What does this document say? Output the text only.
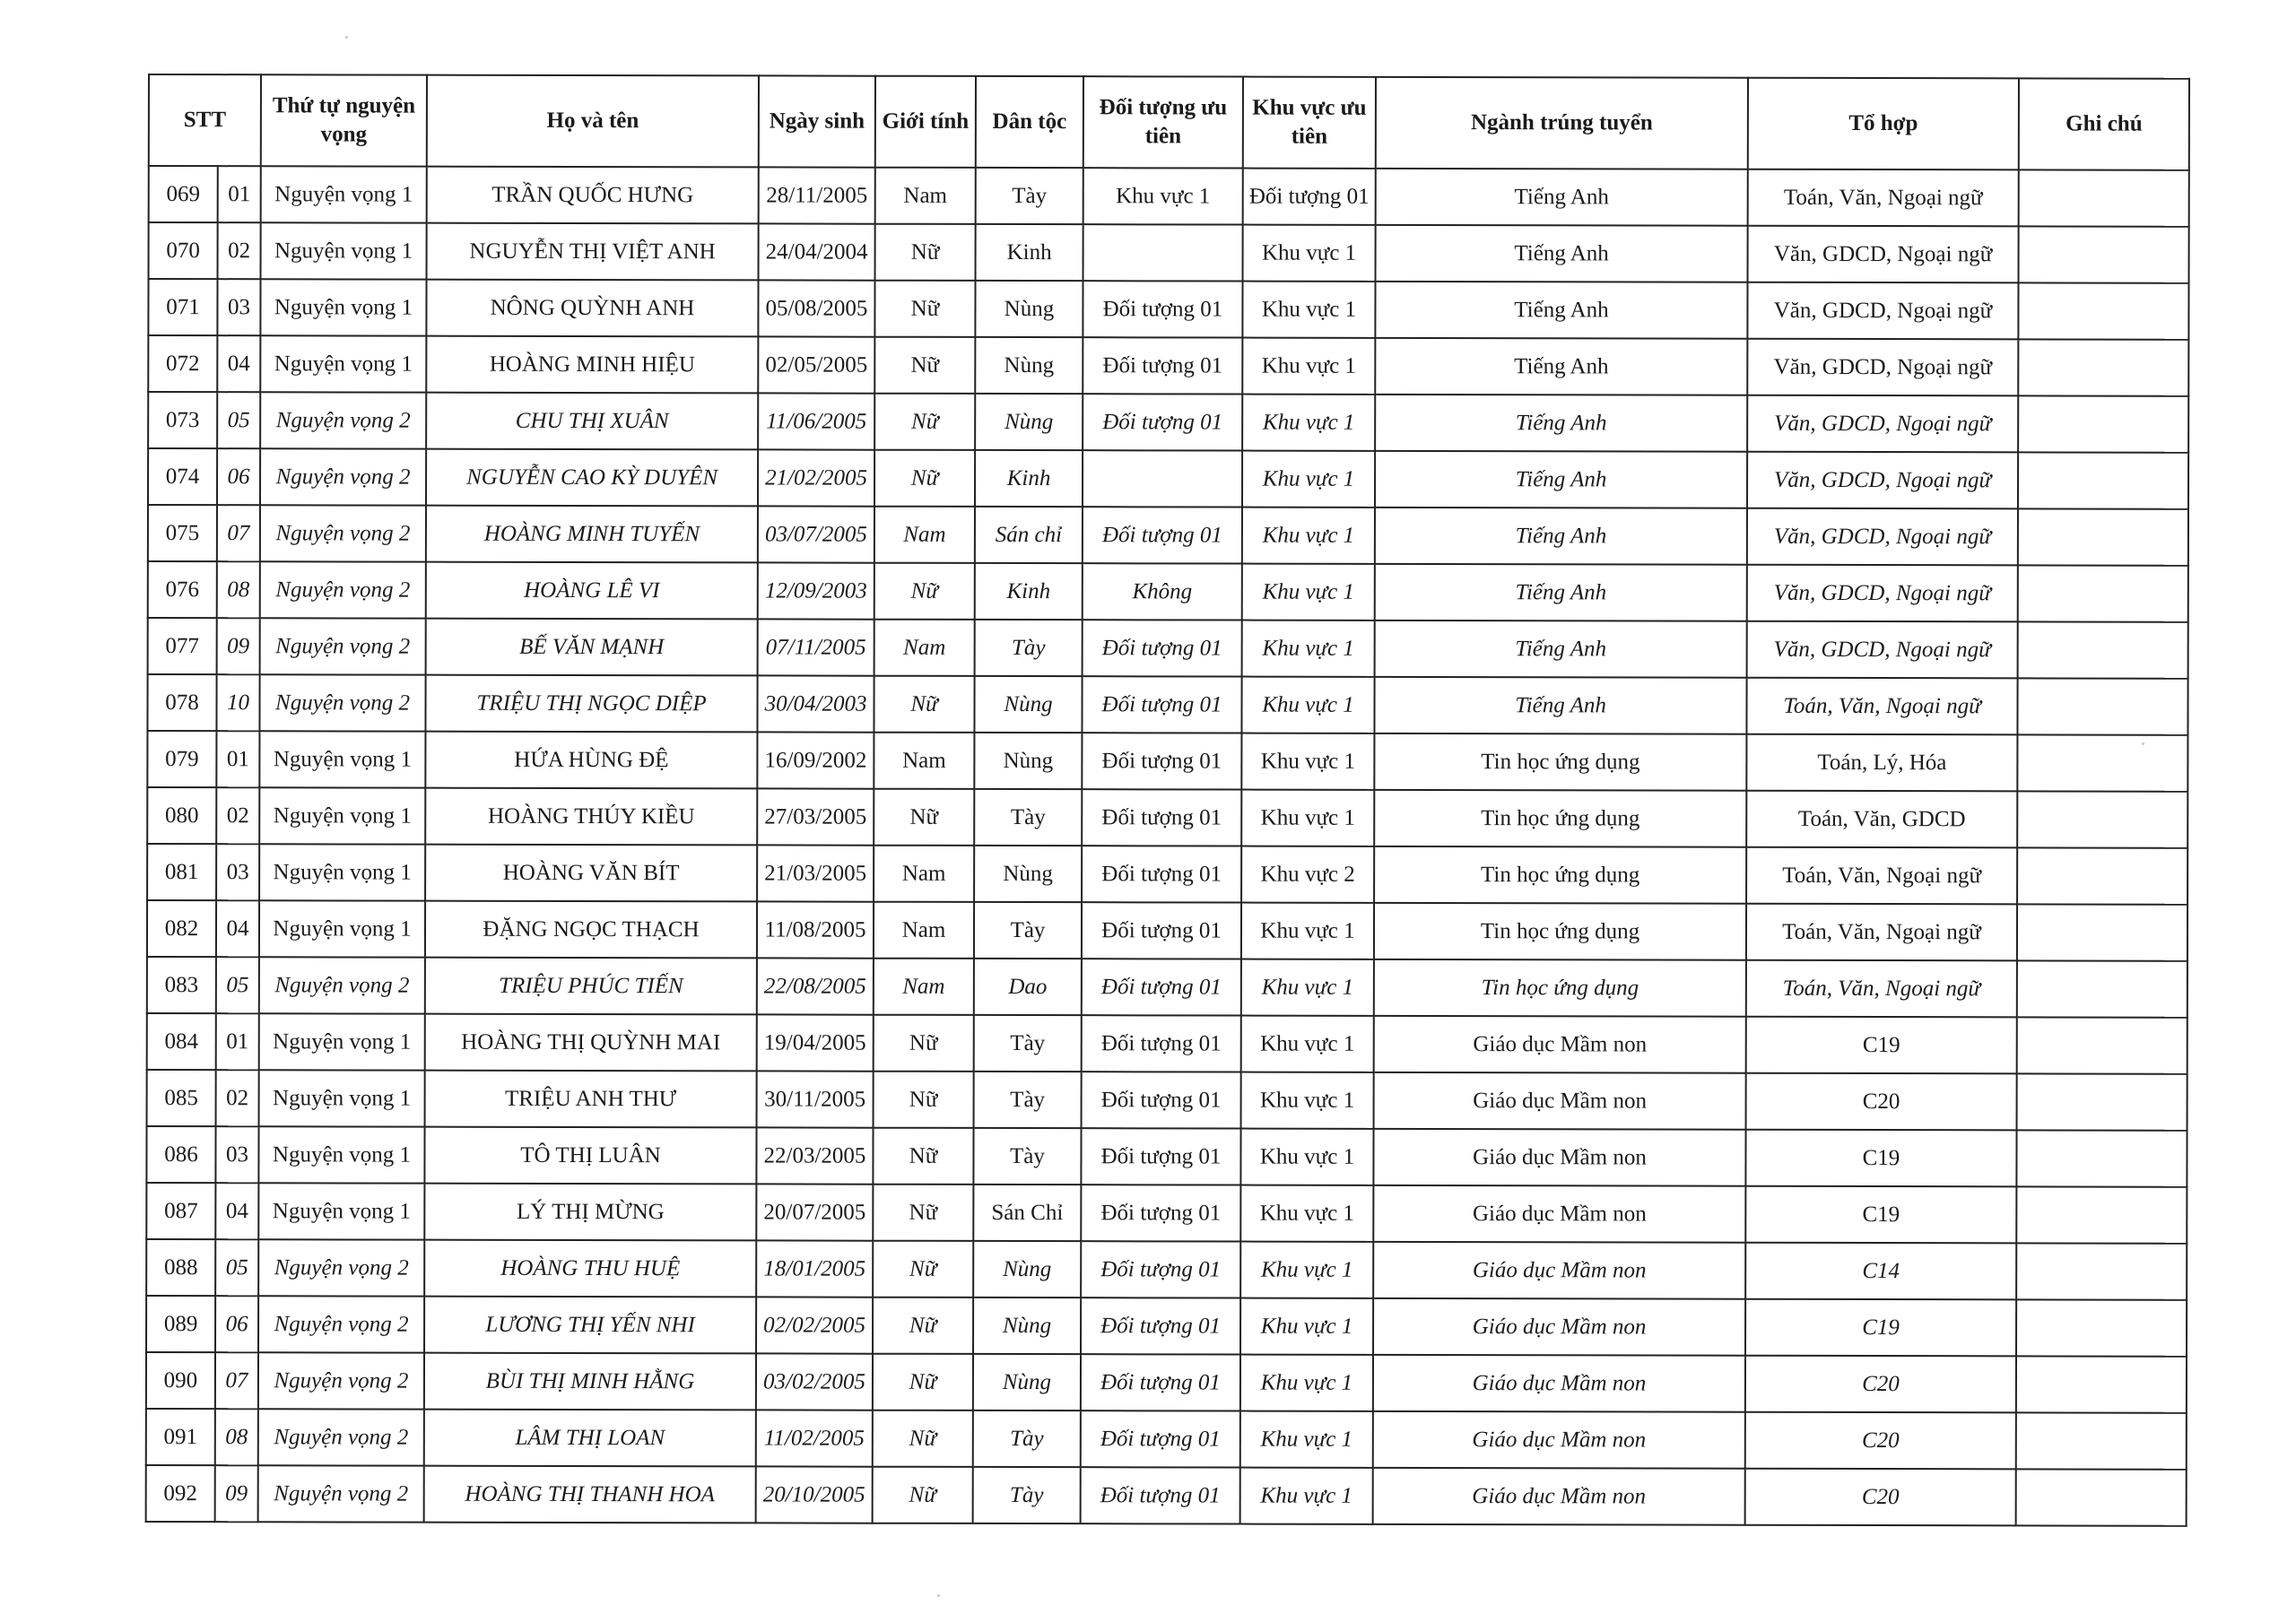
STT		Thứ tự nguyện vọng	Họ và tên	Ngày sinh	Giới tính	Dân tộc	Đối tượng ưu tiên	Khu vực ưu tiên	Ngành trúng tuyển	Tổ hợp	Ghi chú
069	01	Nguyện vọng 1	TRẦN QUỐC HƯNG	28/11/2005	Nam	Tày	Khu vực 1	Đối tượng 01	Tiếng Anh	Toán, Văn, Ngoại ngữ	
070	02	Nguyện vọng 1	NGUYỄN THỊ VIỆT ANH	24/04/2004	Nữ	Kinh		Khu vực 1	Tiếng Anh	Văn, GDCD, Ngoại ngữ	
071	03	Nguyện vọng 1	NÔNG QUỲNH ANH	05/08/2005	Nữ	Nùng	Đối tượng 01	Khu vực 1	Tiếng Anh	Văn, GDCD, Ngoại ngữ	
072	04	Nguyện vọng 1	HOÀNG MINH HIỆU	02/05/2005	Nữ	Nùng	Đối tượng 01	Khu vực 1	Tiếng Anh	Văn, GDCD, Ngoại ngữ	
073	05	Nguyện vọng 2	CHU THỊ XUÂN	11/06/2005	Nữ	Nùng	Đối tượng 01	Khu vực 1	Tiếng Anh	Văn, GDCD, Ngoại ngữ	
074	06	Nguyện vọng 2	NGUYỄN CAO KỲ DUYÊN	21/02/2005	Nữ	Kinh		Khu vực 1	Tiếng Anh	Văn, GDCD, Ngoại ngữ	
075	07	Nguyện vọng 2	HOÀNG MINH TUYẾN	03/07/2005	Nam	Sán chỉ	Đối tượng 01	Khu vực 1	Tiếng Anh	Văn, GDCD, Ngoại ngữ	
076	08	Nguyện vọng 2	HOÀNG LÊ VI	12/09/2003	Nữ	Kinh	Không	Khu vực 1	Tiếng Anh	Văn, GDCD, Ngoại ngữ	
077	09	Nguyện vọng 2	BẾ VĂN MẠNH	07/11/2005	Nam	Tày	Đối tượng 01	Khu vực 1	Tiếng Anh	Văn, GDCD, Ngoại ngữ	
078	10	Nguyện vọng 2	TRIỆU THỊ NGỌC DIỆP	30/04/2003	Nữ	Nùng	Đối tượng 01	Khu vực 1	Tiếng Anh	Toán, Văn, Ngoại ngữ	
079	01	Nguyện vọng 1	HỨA HÙNG ĐỆ	16/09/2002	Nam	Nùng	Đối tượng 01	Khu vực 1	Tin học ứng dụng	Toán, Lý, Hóa	
080	02	Nguyện vọng 1	HOÀNG THÚY KIỀU	27/03/2005	Nữ	Tày	Đối tượng 01	Khu vực 1	Tin học ứng dụng	Toán, Văn, GDCD	
081	03	Nguyện vọng 1	HOÀNG VĂN BÍT	21/03/2005	Nam	Nùng	Đối tượng 01	Khu vực 2	Tin học ứng dụng	Toán, Văn, Ngoại ngữ	
082	04	Nguyện vọng 1	ĐẶNG NGỌC THẠCH	11/08/2005	Nam	Tày	Đối tượng 01	Khu vực 1	Tin học ứng dụng	Toán, Văn, Ngoại ngữ	
083	05	Nguyện vọng 2	TRIỆU PHÚC TIẾN	22/08/2005	Nam	Dao	Đối tượng 01	Khu vực 1	Tin học ứng dụng	Toán, Văn, Ngoại ngữ	
084	01	Nguyện vọng 1	HOÀNG THỊ QUỲNH MAI	19/04/2005	Nữ	Tày	Đối tượng 01	Khu vực 1	Giáo dục Mầm non	C19	
085	02	Nguyện vọng 1	TRIỆU ANH THƯ	30/11/2005	Nữ	Tày	Đối tượng 01	Khu vực 1	Giáo dục Mầm non	C20	
086	03	Nguyện vọng 1	TÔ THỊ LUÂN	22/03/2005	Nữ	Tày	Đối tượng 01	Khu vực 1	Giáo dục Mầm non	C19	
087	04	Nguyện vọng 1	LÝ THỊ MỪNG	20/07/2005	Nữ	Sán Chỉ	Đối tượng 01	Khu vực 1	Giáo dục Mầm non	C19	
088	05	Nguyện vọng 2	HOÀNG THU HUỆ	18/01/2005	Nữ	Nùng	Đối tượng 01	Khu vực 1	Giáo dục Mầm non	C14	
089	06	Nguyện vọng 2	LƯƠNG THỊ YẾN NHI	02/02/2005	Nữ	Nùng	Đối tượng 01	Khu vực 1	Giáo dục Mầm non	C19	
090	07	Nguyện vọng 2	BÙI THỊ MINH HẰNG	03/02/2005	Nữ	Nùng	Đối tượng 01	Khu vực 1	Giáo dục Mầm non	C20	
091	08	Nguyện vọng 2	LÂM THỊ LOAN	11/02/2005	Nữ	Tày	Đối tượng 01	Khu vực 1	Giáo dục Mầm non	C20	
092	09	Nguyện vọng 2	HOÀNG THỊ THANH HOA	20/10/2005	Nữ	Tày	Đối tượng 01	Khu vực 1	Giáo dục Mầm non	C20	
